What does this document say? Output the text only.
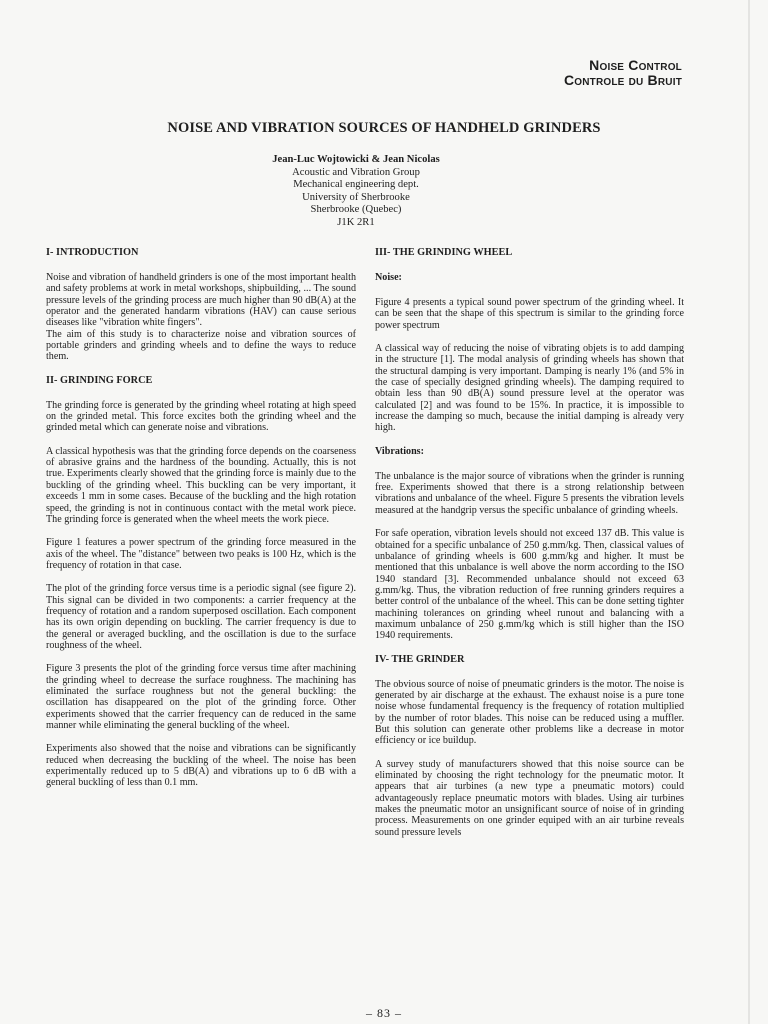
Noise Control
Controle du Bruit
NOISE AND VIBRATION SOURCES OF HANDHELD GRINDERS
Jean-Luc Wojtowicki & Jean Nicolas
Acoustic and Vibration Group
Mechanical engineering dept.
University of Sherbrooke
Sherbrooke (Quebec)
J1K 2R1
I- INTRODUCTION

Noise and vibration of handheld grinders is one of the most important health and safety problems at work in metal workshops, shipbuilding, ... The sound pressure levels of the grinding process are much higher than 90 dB(A) at the operator and the generated handarm vibrations (HAV) can cause serious diseases like "vibration white fingers".

The aim of this study is to characterize noise and vibration sources of portable grinders and grinding wheels and to define the ways to reduce them.

II- GRINDING FORCE

The grinding force is generated by the grinding wheel rotating at high speed on the grinded metal. This force excites both the grinding wheel and the grinded metal which can generate noise and vibrations.

A classical hypothesis was that the grinding force depends on the coarseness of abrasive grains and the hardness of the bounding. Actually, this is not true. Experiments clearly showed that the grinding force is mainly due to the buckling of the grinding wheel. This buckling can be very important, it exceeds 1 mm in some cases. Because of the buckling and the high rotation speed, the grinding is not in continuous contact with the metal work piece. The grinding force is generated when the wheel meets the work piece.

Figure 1 features a power spectrum of the grinding force measured in the axis of the wheel. The "distance" between two peaks is 100 Hz, which is the frequency of rotation in that case.

The plot of the grinding force versus time is a periodic signal (see figure 2). This signal can be divided in two components: a carrier frequency at the frequency of rotation and a random superposed oscillation. Each component has its own origin depending on buckling. The carrier frequency is due to the general or averaged buckling, and the oscillation is due to the surface roughness of the wheel.

Figure 3 presents the plot of the grinding force versus time after machining the grinding wheel to decrease the surface roughness. The machining has eliminated the surface roughness but not the general buckling: the oscillation has disappeared on the plot of the grinding force. Other experiments showed that the carrier frequency can de reduced in the same manner while eliminating the general buckling of the wheel.

Experiments also showed that the noise and vibrations can be significantly reduced when decreasing the buckling of the wheel. The noise has been experimentally reduced up to 5 dB(A) and vibrations up to 6 dB with a general buckling of less than 0.1 mm.

III- THE GRINDING WHEEL
Noise:

Figure 4 presents a typical sound power spectrum of the grinding wheel. It can be seen that the shape of this spectrum is similar to the grinding force power spectrum

A classical way of reducing the noise of vibrating objets is to add damping in the structure [1]. The modal analysis of grinding wheels has shown that the structural damping is very important. Damping is nearly 1% (and 5% in the case of specially designed grinding wheels). The damping required to obtain less than 90 dB(A) sound pressure level at the operator was calculated [2] and was found to be 15%. In practice, it is impossible to increase the damping so much, because the initial damping is already very high.

Vibrations:

The unbalance is the major source of vibrations when the grinder is running free. Experiments showed that there is a strong relationship between vibrations and unbalance of the wheel. Figure 5 presents the vibration levels measured at the handgrip versus the specific unbalance of grinding wheels.

For safe operation, vibration levels should not exceed 137 dB. This value is obtained for a specific unbalance of 250 g.mm/kg. Then, classical values of unbalance of grinding wheels is 600 g.mm/kg and higher. It must be mentioned that this unbalance is well above the norm according to the ISO 1940 standard [3]. Recommended unbalance should not exceed 63 g.mm/kg. Thus, the vibration reduction of free running grinders requires a better control of the unbalance of the wheel. This can be done setting tighter machining tolerances on grinding wheel runout and balancing with a maximum unbalance of 250 g.mm/kg which is still higher than the ISO 1940 requirements.

IV- THE GRINDER

The obvious source of noise of pneumatic grinders is the motor. The noise is generated by air discharge at the exhaust. The exhaust noise is a pure tone noise whose fundamental frequency is the frequency of rotation multiplied by the number of rotor blades. This noise can be reduced using a muffler. But this solution can generate other problems like a decrease in motor efficiency or ice buildup.

A survey study of manufacturers showed that this noise source can be eliminated by choosing the right technology for the pneumatic motor. It appears that air turbines (a new type a pneumatic motors) could advantageously replace pneumatic motors with blades. Using air turbines makes the pneumatic motor an unsignificant source of noise of in grinding process. Measurements on one grinder equiped with an air turbine reveals sound pressure levels

– 83 –
